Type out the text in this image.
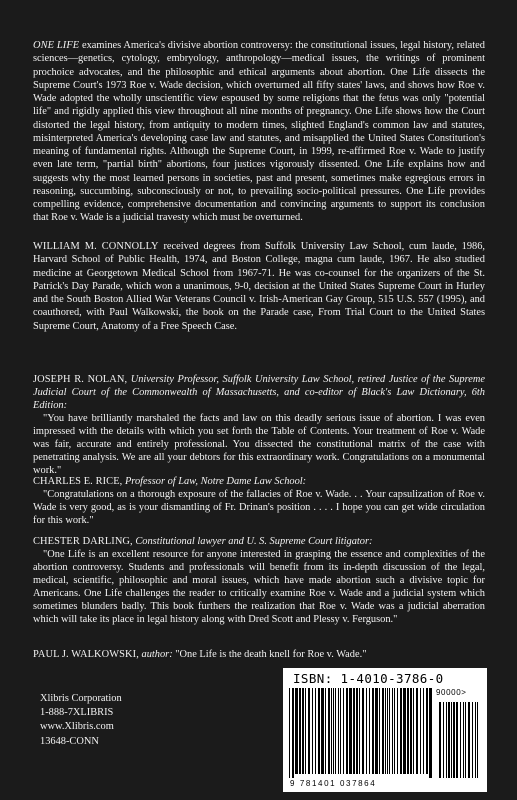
ONE LIFE examines America's divisive abortion controversy: the constitutional issues, legal history, related sciences—genetics, cytology, embryology, anthropology—medical issues, the writings of prominent prochoice advocates, and the philosophic and ethical arguments about abortion. One Life dissects the Supreme Court's 1973 Roe v. Wade decision, which overturned all fifty states' laws, and shows how Roe v. Wade adopted the wholly unscientific view espoused by some religions that the fetus was only "potential life" and rigidly applied this view throughout all nine months of pregnancy. One Life shows how the Court distorted the legal history, from antiquity to modern times, slighted England's common law and statutes, misinterpreted America's developing case law and statutes, and misapplied the United States Constitution's meaning of fundamental rights. Although the Supreme Court, in 1999, re-affirmed Roe v. Wade to justify even late term, "partial birth" abortions, four justices vigorously dissented. One Life explains how and suggests why the most learned persons in societies, past and present, sometimes make egregious errors in reasoning, succumbing, subconsciously or not, to prevailing socio-political pressures. One Life provides compelling evidence, comprehensive documentation and convincing arguments to support its conclusion that Roe v. Wade is a judicial travesty which must be overturned.

WILLIAM M. CONNOLLY received degrees from Suffolk University Law School, cum laude, 1986, Harvard School of Public Health, 1974, and Boston College, magna cum laude, 1967. He also studied medicine at Georgetown Medical School from 1967-71. He was co-counsel for the organizers of the St. Patrick's Day Parade, which won a unanimous, 9-0, decision at the United States Supreme Court in Hurley and the South Boston Allied War Veterans Council v. Irish-American Gay Group, 515 U.S. 557 (1995), and coauthored, with Paul Walkowski, the book on the Parade case, From Trial Court to the United States Supreme Court, Anatomy of a Free Speech Case.

JOSEPH R. NOLAN, University Professor, Suffolk University Law School, retired Justice of the Supreme Judicial Court of the Commonwealth of Massachusetts, and co-editor of Black's Law Dictionary, 6th Edition:
"You have brilliantly marshaled the facts and law on this deadly serious issue of abortion. I was even impressed with the details with which you set forth the Table of Contents. Your treatment of Roe v. Wade was fair, accurate and entirely professional. You dissected the constitutional matrix of the case with penetrating analysis. We are all your debtors for this extraordinary work. Congratulations on a monumental work."

CHARLES E. RICE, Professor of Law, Notre Dame Law School:
"Congratulations on a thorough exposure of the fallacies of Roe v. Wade. . . Your capsulization of Roe v. Wade is very good, as is your dismantling of Fr. Drinan's position . . . . I hope you can get wide circulation for this work."

CHESTER DARLING, Constitutional lawyer and U. S. Supreme Court litigator:
"One Life is an excellent resource for anyone interested in grasping the essence and complexities of the abortion controversy. Students and professionals will benefit from its in-depth discussion of the legal, medical, scientific, philosophic and moral issues, which have made abortion such a divisive topic for Americans. One Life challenges the reader to critically examine Roe v. Wade and a judicial system which sometimes blunders badly. This book furthers the realization that Roe v. Wade was a judicial aberration which will take its place in legal history along with Dred Scott and Plessy v. Ferguson."

PAUL J. WALKOWSKI, author: "One Life is the death knell for Roe v. Wade."

Xlibris Corporation
1-888-7XLIBRIS
www.Xlibris.com
13648-CONN
ISBN: 1-4010-3786-0
9 781401 037864
90000>
